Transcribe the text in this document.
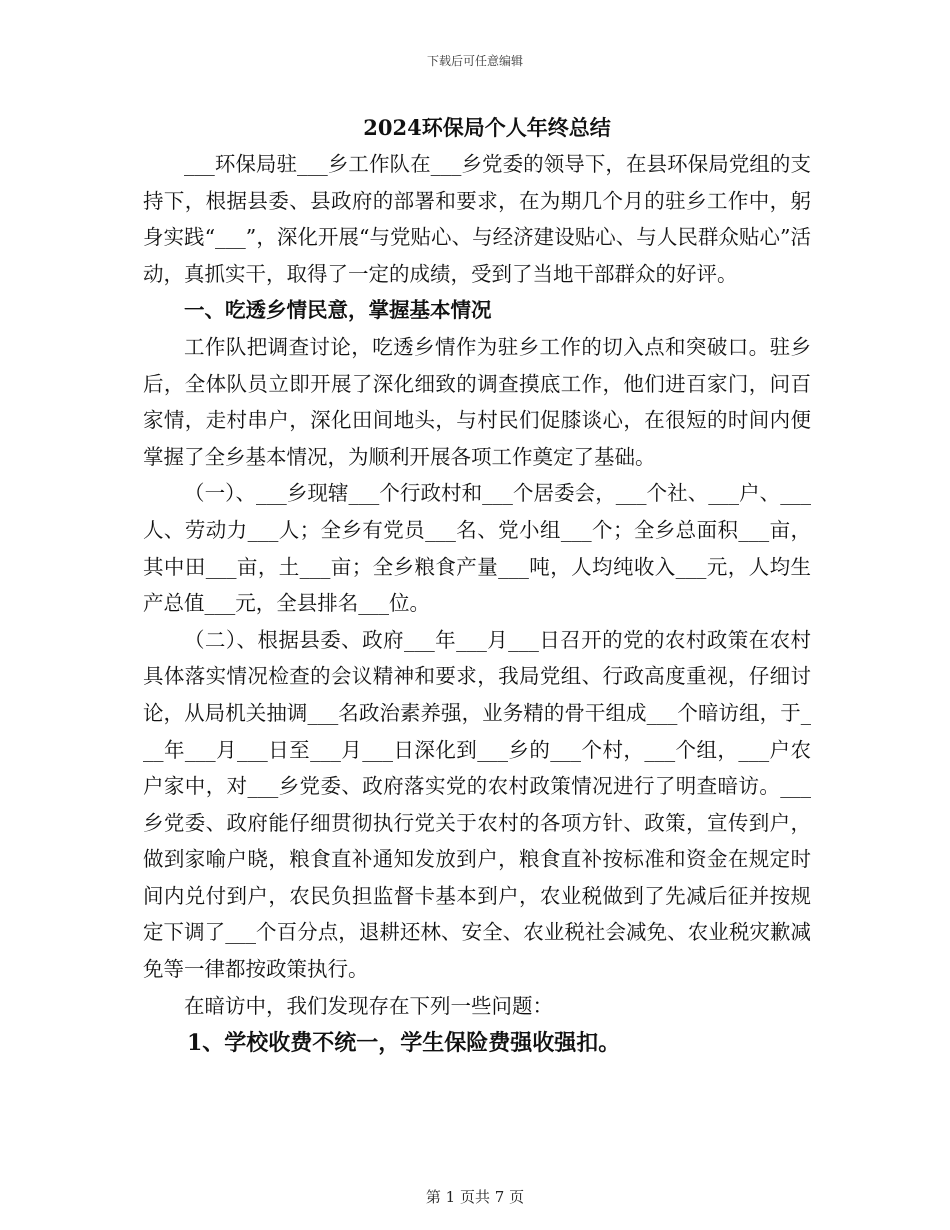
下载后可任意编辑
2024环保局个人年终总结

___环保局驻___乡工作队在___乡党委的领导下，在县环保局党组的支持下，根据县委、县政府的部署和要求，在为期几个月的驻乡工作中，躬身实践“___”，深化开展“与党贴心、与经济建设贴心、与人民群众贴心”活动，真抓实干，取得了一定的成绩，受到了当地干部群众的好评。

一、吃透乡情民意，掌握基本情况

工作队把调查讨论，吃透乡情作为驻乡工作的切入点和突破口。驻乡后，全体队员立即开展了深化细致的调查摸底工作，他们进百家门，问百家情，走村串户，深化田间地头，与村民们促膝谈心，在很短的时间内便掌握了全乡基本情况，为顺利开展各项工作奠定了基础。

（一）、___乡现辖___个行政村和___个居委会，___个社、___户、___人、劳动力___人；全乡有党员___名、党小组___个；全乡总面积___亩，其中田___亩，土___亩；全乡粮食产量___吨，人均纯收入___元，人均生产总值___元，全县排名___位。

（二）、根据县委、政府___年___月___日召开的党的农村政策在农村具体落实情况检查的会议精神和要求，我局党组、行政高度重视，仔细讨论，从局机关抽调___名政治素养强，业务精的骨干组成___个暗访组，于___年___月___日至___月___日深化到___乡的___个村，___个组，___户农户家中，对___乡党委、政府落实党的农村政策情况进行了明查暗访。___乡党委、政府能仔细贯彻执行党关于农村的各项方针、政策，宣传到户，做到家喻户晓，粮食直补通知发放到户，粮食直补按标准和资金在规定时间内兑付到户，农民负担监督卡基本到户，农业税做到了先减后征并按规定下调了___个百分点，退耕还林、安全、农业税社会减免、农业税灾歉减免等一律都按政策执行。

在暗访中，我们发现存在下列一些问题：

1、学校收费不统一，学生保险费强收强扣。

第 1 页共 7 页
